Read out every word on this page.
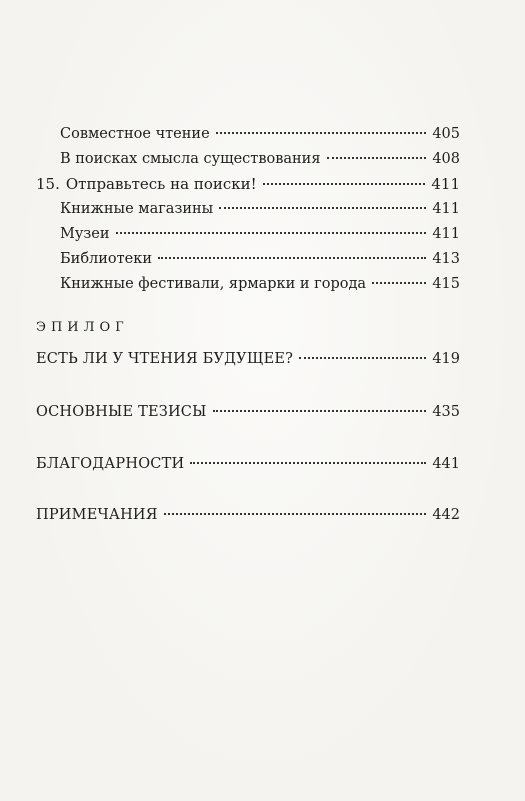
Совместное чтение	405
В поисках смысла существования	408
15. Отправьтесь на поиски!	411
Книжные магазины	411
Музеи	411
Библиотеки	413
Книжные фестивали, ярмарки и города	415
ЭПИЛОГ
ЕСТЬ ЛИ У ЧТЕНИЯ БУДУЩЕЕ?	419
ОСНОВНЫЕ ТЕЗИСЫ	435
БЛАГОДАРНОСТИ	441
ПРИМЕЧАНИЯ	442
